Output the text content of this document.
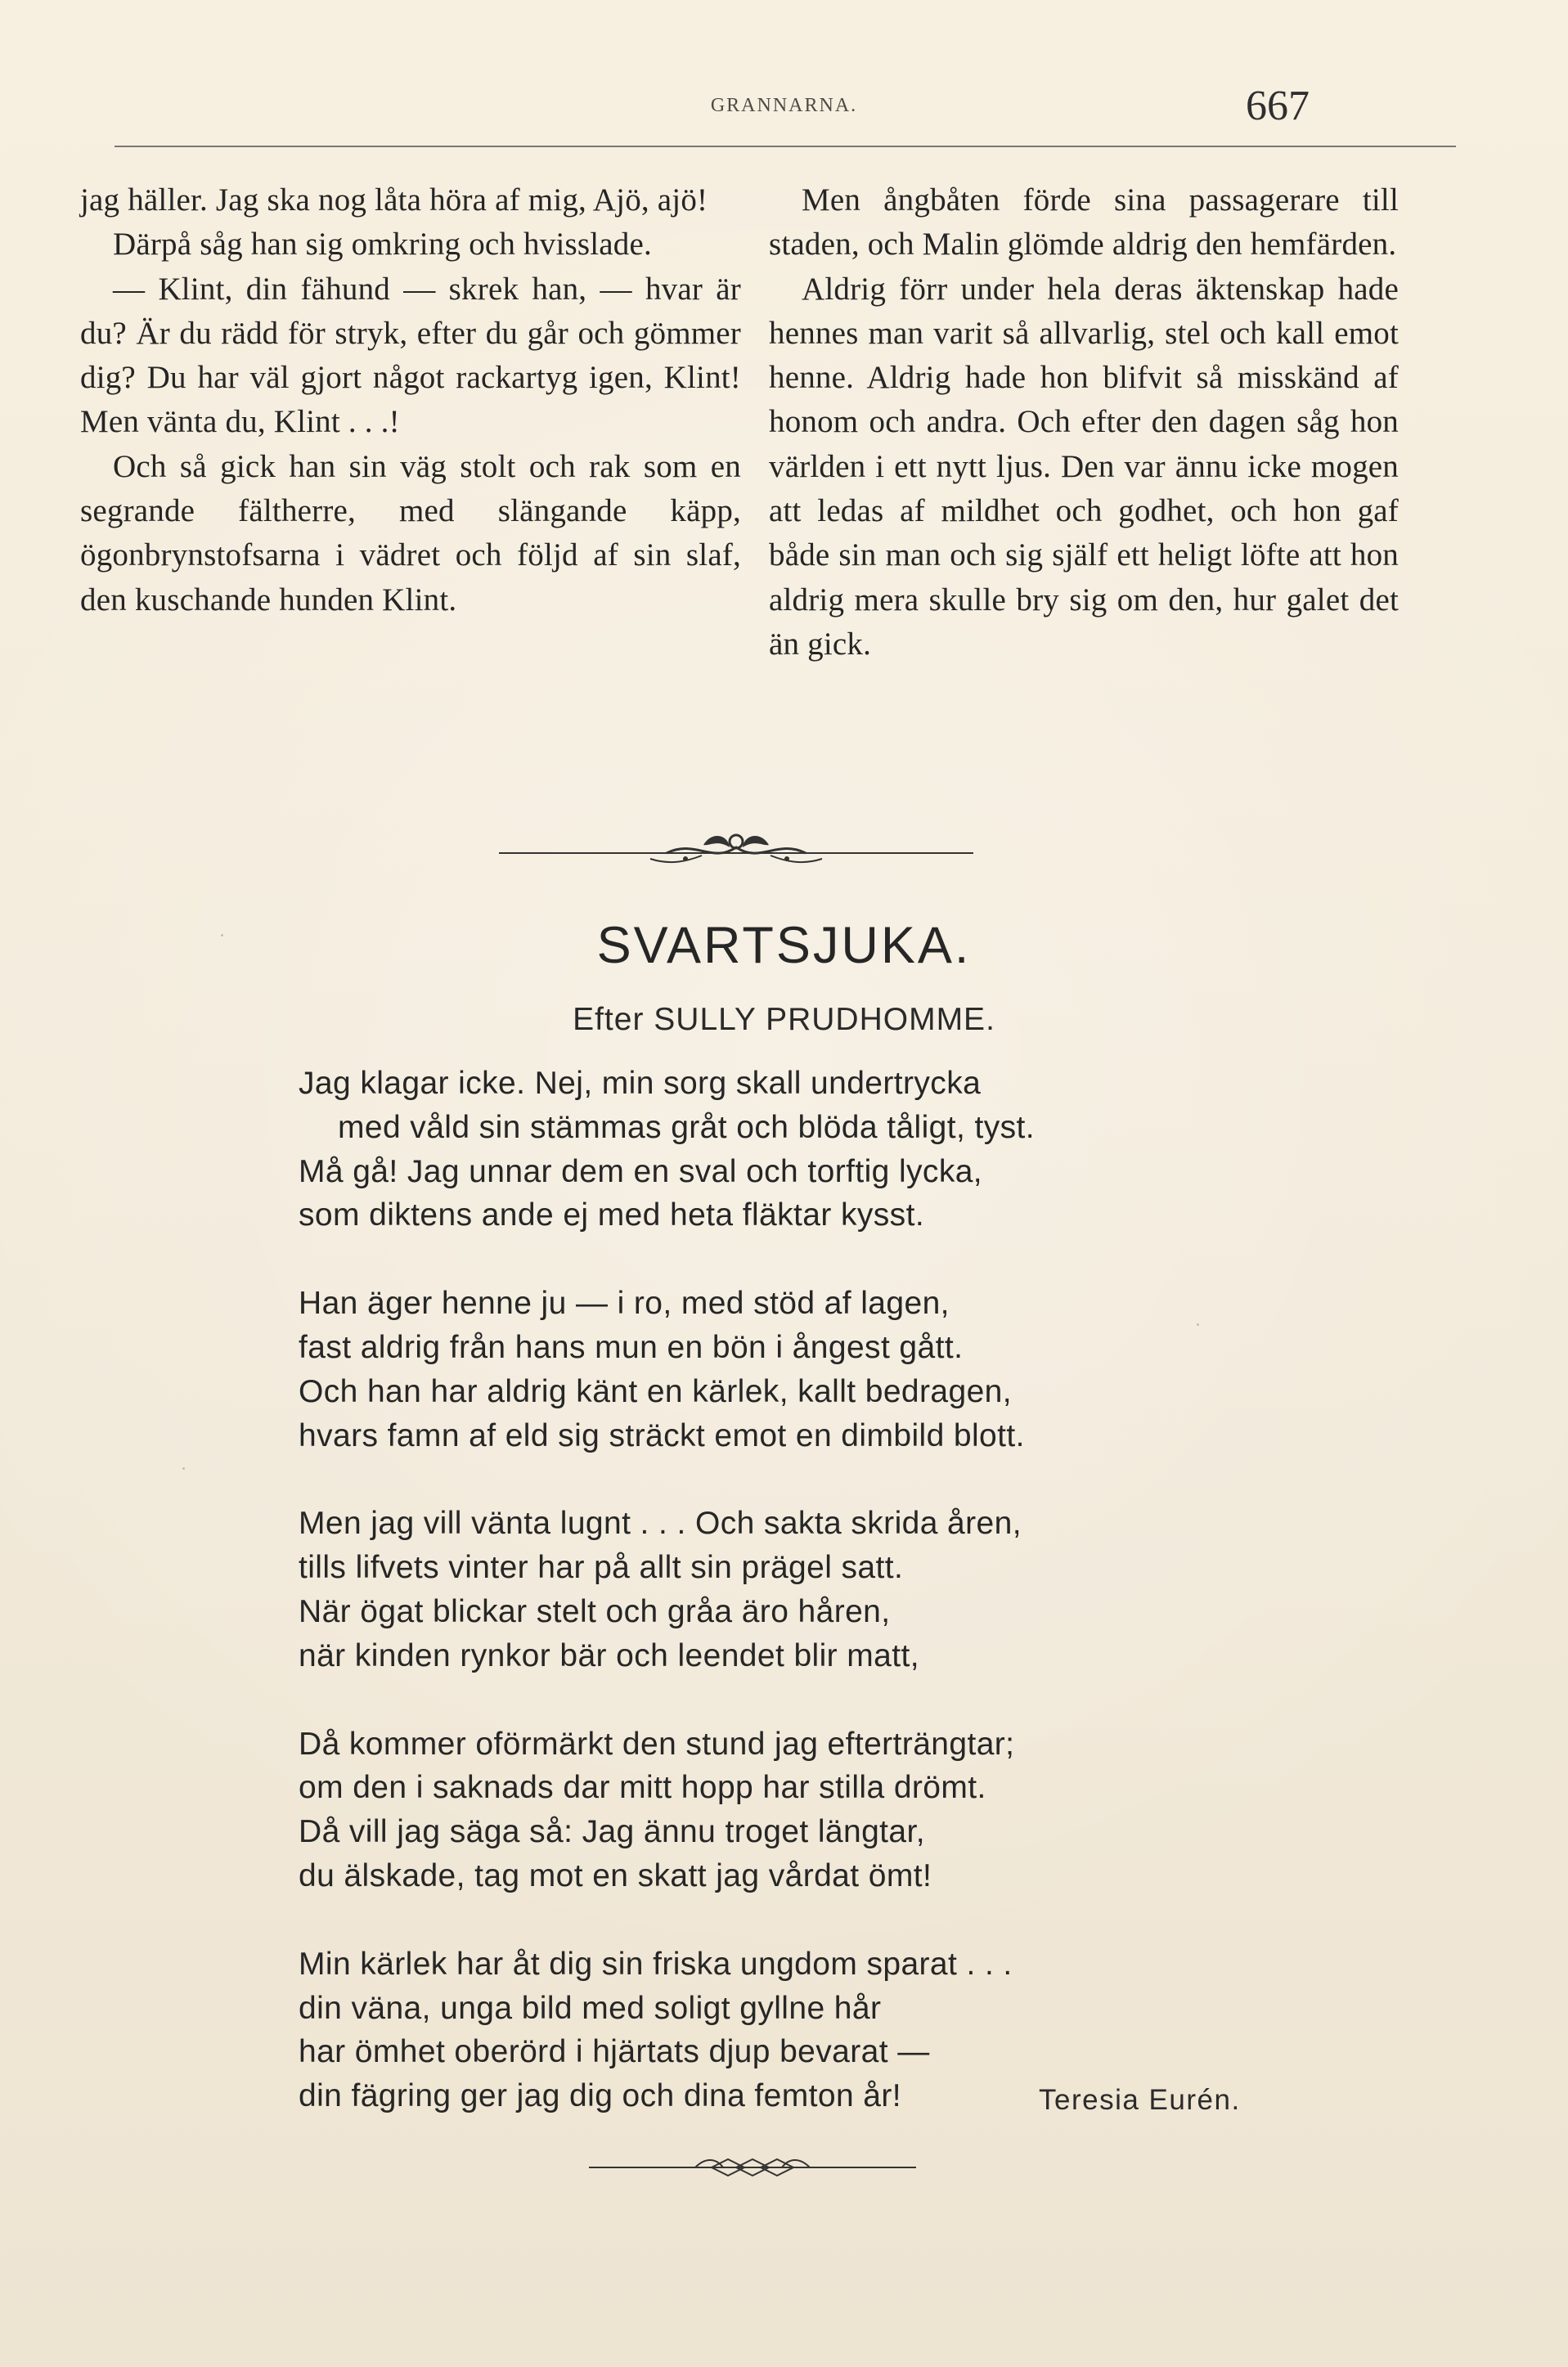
GRANNARNA.	667

jag häller. Jag ska nog låta höra af mig, Ajö, ajö!

Därpå såg han sig omkring och hvisslade.

— Klint, din fähund — skrek han, — hvar är du? Är du rädd för stryk, efter du går och gömmer dig? Du har väl gjort något rackartyg igen, Klint! Men vänta du, Klint . . .!

Och så gick han sin väg stolt och rak som en segrande fältherre, med slängande käpp, ögonbrynstofsarna i vädret och följd af sin slaf, den kuschande hunden Klint.

Men ångbåten förde sina passagerare till staden, och Malin glömde aldrig den hemfärden.

Aldrig förr under hela deras äktenskap hade hennes man varit så allvarlig, stel och kall emot henne. Aldrig hade hon blifvit så misskänd af honom och andra. Och efter den dagen såg hon världen i ett nytt ljus. Den var ännu icke mogen att ledas af mildhet och godhet, och hon gaf både sin man och sig själf ett heligt löfte att hon aldrig mera skulle bry sig om den, hur galet det än gick.

SVARTSJUKA.
Efter SULLY PRUDHOMME.
Jag klagar icke. Nej, min sorg skall undertrycka
med våld sin stämmas gråt och blöda tåligt, tyst.
Må gå! Jag unnar dem en sval och torftig lycka,
som diktens ande ej med heta fläktar kysst.
Han äger henne ju — i ro, med stöd af lagen,
fast aldrig från hans mun en bön i ångest gått.
Och han har aldrig känt en kärlek, kallt bedragen,
hvars famn af eld sig sträckt emot en dimbild blott.
Men jag vill vänta lugnt . . . Och sakta skrida åren,
tills lifvets vinter har på allt sin prägel satt.
När ögat blickar stelt och gråa äro håren,
när kinden rynkor bär och leendet blir matt,
Då kommer oförmärkt den stund jag efterträngtar;
om den i saknads dar mitt hopp har stilla drömt.
Då vill jag säga så: Jag ännu troget längtar,
du älskade, tag mot en skatt jag vårdat ömt!
Min kärlek har åt dig sin friska ungdom sparat . . .
din väna, unga bild med soligt gyllne hår
har ömhet oberörd i hjärtats djup bevarat —
din fägring ger jag dig och dina femton år!	Teresia Eurén.
